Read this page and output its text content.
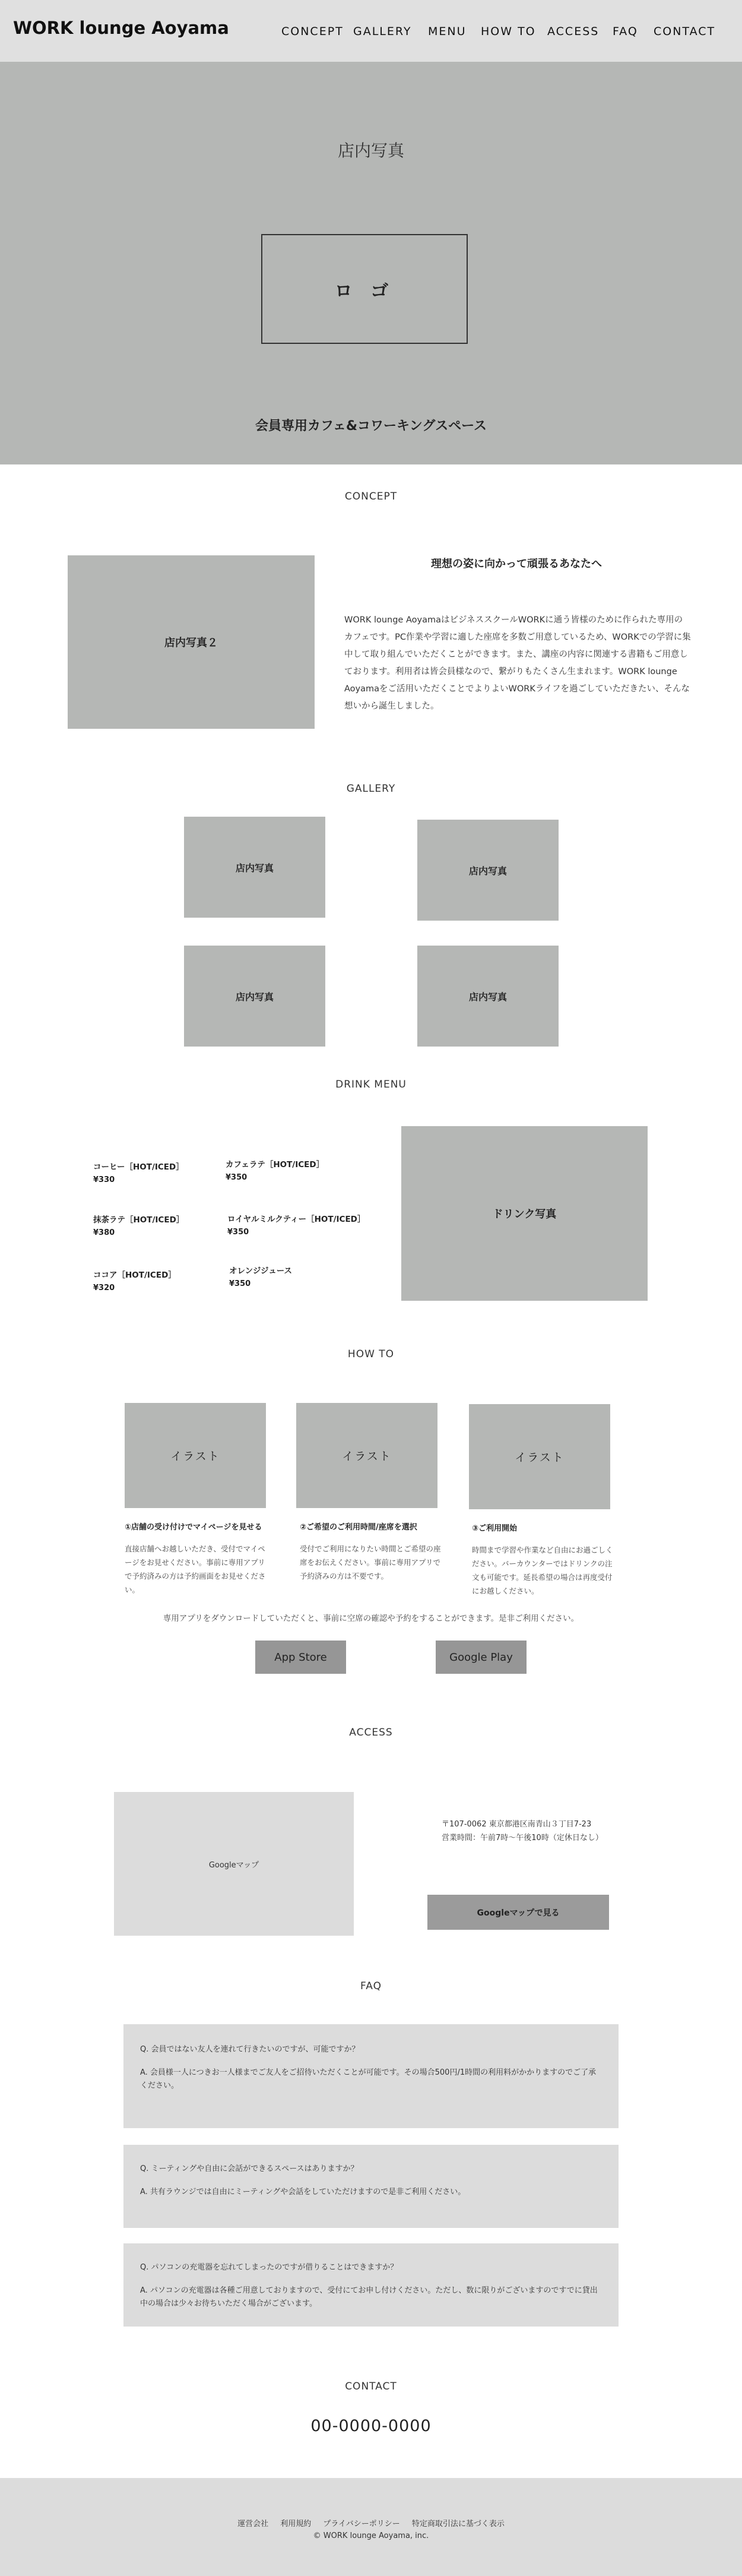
WORK lounge Aoyama	CONCEPT GALLERY MENU HOW TO ACCESS FAQ CONTACT
店内写真
ロ ゴ
会員専用カフェ&コワーキングスペース
CONCEPT
店内写真２
理想の姿に向かって頑張るあなたへ
WORK lounge AoyamaはビジネススクールWORKに通う皆様のために作られた専用のカフェです。PC作業や学習に適した座席を多数ご用意しているため、WORKでの学習に集中して取り組んでいただくことができます。また、講座の内容に関連する書籍もご用意しております。利用者は皆会員様なので、繋がりもたくさん生まれます。WORK lounge Aoyamaをご活用いただくことでよりよいWORKライフを過ごしていただきたい、そんな想いから誕生しました。
GALLERY
店内写真	店内写真
店内写真	店内写真
DRINK MENU
コーヒー［HOT/ICED］
¥330
カフェラテ［HOT/ICED］
¥350
抹茶ラテ［HOT/ICED］
¥380
ロイヤルミルクティー［HOT/ICED］
¥350
ココア［HOT/ICED］
¥320
オレンジジュース
¥350
ドリンク写真
HOW TO
イラスト	イラスト	イラスト
①店舗の受け付けでマイページを見せる	②ご希望のご利用時間/座席を選択	③ご利用開始
直接店舗へお越しいただき、受付でマイページをお見せください。事前に専用アプリで予約済みの方は予約画面をお見せください。
受付でご利用になりたい時間とご希望の座席をお伝えください。事前に専用アプリで予約済みの方は不要です。
時間まで学習や作業など自由にお過ごしください。バーカウンターではドリンクの注文も可能です。延長希望の場合は再度受付にお越しください。
専用アプリをダウンロードしていただくと、事前に空席の確認や予約をすることができます。是非ご利用ください。
App Store	Google Play
ACCESS
Googleマップ
〒107-0062 東京都港区南青山３丁目7-23
営業時間：午前7時〜午後10時（定休日なし）
Googleマップで見る
FAQ

Q. 会員ではない友人を連れて行きたいのですが、可能ですか？

A. 会員様一人につきお一人様までご友人をご招待いただくことが可能です。その場合500円/1時間の利用料がかかりますのでご了承ください。

Q. ミーティングや自由に会話ができるスペースはありますか？

A. 共有ラウンジでは自由にミーティングや会話をしていただけますので是非ご利用ください。

Q. パソコンの充電器を忘れてしまったのですが借りることはできますか？

A. パソコンの充電器は各種ご用意しておりますので、受付にてお申し付けください。ただし、数に限りがございますのですでに貸出中の場合は少々お待ちいただく場合がございます。

CONTACT
00-0000-0000
運営会社 利用規約 プライバシーポリシー 特定商取引法に基づく表示
© WORK lounge Aoyama, inc.
